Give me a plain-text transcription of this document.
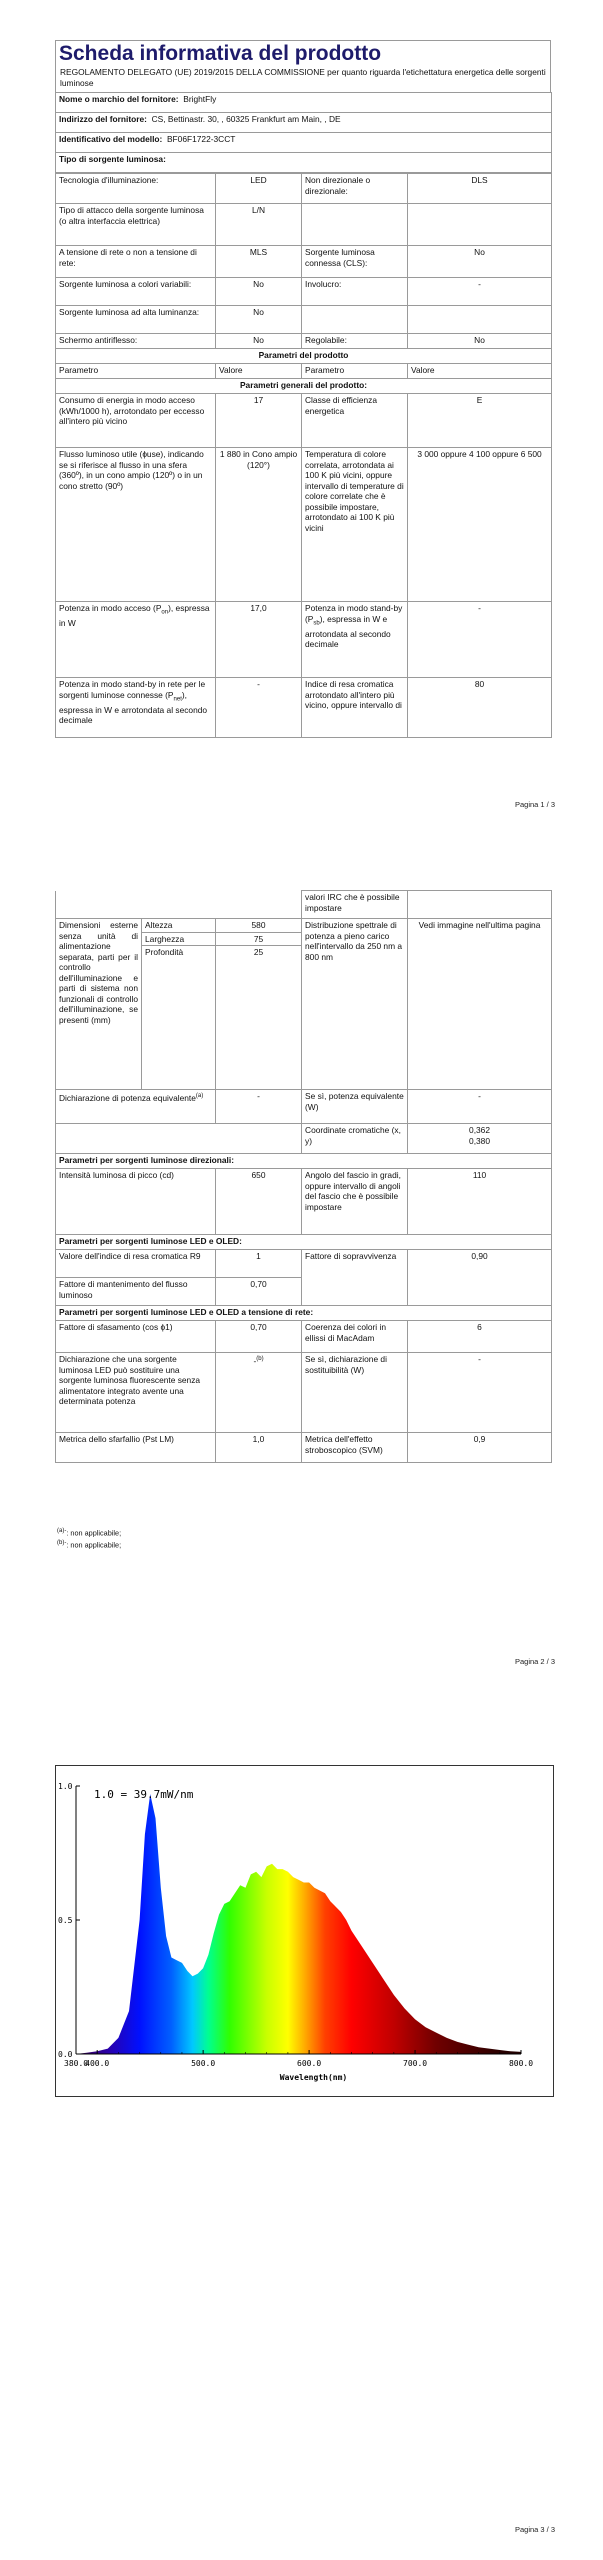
Scheda informativa del prodotto
REGOLAMENTO DELEGATO (UE) 2019/2015 DELLA COMMISSIONE per quanto riguarda l'etichettatura energetica delle sorgenti luminose
Nome o marchio del fornitore: BrightFly
Indirizzo del fornitore: CS, Bettinastr. 30, , 60325 Frankfurt am Main, , DE
Identificativo del modello: BF06F1722-3CCT
Tipo di sorgente luminosa:
Tecnologia d'illuminazione:	LED	Non direzionale o direzionale:	DLS
Tipo di attacco della sorgente luminosa
(o altra interfaccia elettrica)	L/N		
A tensione di rete o non a tensione di rete:	MLS	Sorgente luminosa connessa (CLS):	No
Sorgente luminosa a colori variabili:	No	Involucro:	-
Sorgente luminosa ad alta luminanza:	No		
Schermo antiriflesso:	No	Regolabile:	No
Parametri del prodotto			
Parametro	Valore	Parametro	Valore
Parametri generali del prodotto:			
Consumo di energia in modo acceso (kWh/1000 h), arrotondato per eccesso all'intero più vicino	17	Classe di efficienza energetica	E
Flusso luminoso utile (ɸuse), indicando se si riferisce al flusso in una sfera (360º), in un cono ampio (120º) o in un cono stretto (90º)	1 880 in Cono ampio (120°)	Temperatura di colore correlata, arrotondata ai 100 K più vicini, oppure intervallo di temperature di colore correlate che è possibile impostare, arrotondato ai 100 K più vicini	3 000 oppure 4 100 oppure 6 500
Potenza in modo acceso $(P_{on})$, espressa in W	17,0	Potenza in modo stand-by $(P_{sb})$, espressa in W e arrotondata al secondo decimale	-
Potenza in modo stand-by in rete per le sorgenti luminose connesse $(P_{net})$, espressa in W e arrotondata al secondo decimale	-	Indice di resa cromatica arrotondato all'intero più vicino, oppure intervallo di	80
Pagina 1 / 3
			valori IRC che è possibile impostare	
Dimensioni esterne senza unità di alimentazione separata, parti per il controllo dell'illuminazione e parti di sistema non funzionali di controllo dell'illuminazione, se presenti (mm)	Altezza	580	Distribuzione spettrale di potenza a pieno carico nell'intervallo da 250 nm a 800 nm	Vedi immagine nell'ultima pagina
	Larghezza	75		
	Profondità	25		
Dichiarazione di potenza equivalente$^{(a)}$		-	Se sì, potenza equivalente (W)	-
			Coordinate cromatiche (x, y)	0,362
0,380
Parametri per sorgenti luminose direzionali:				
Intensità luminosa di picco (cd)		650	Angolo del fascio in gradi, oppure intervallo di angoli del fascio che è possibile impostare	110
Parametri per sorgenti luminose LED e OLED:				
Valore dell'indice di resa cromatica R9		1	Fattore di sopravvivenza	0,90
Fattore di mantenimento del flusso luminoso		0,70		
Parametri per sorgenti luminose LED e OLED a tensione di rete:				
Fattore di sfasamento (cos ɸ1)		0,70	Coerenza dei colori in ellissi di MacAdam	6
Dichiarazione che una sorgente luminosa LED può sostituire una sorgente luminosa fluorescente senza alimentatore integrato avente una determinata potenza		-$^{(b)}$	Se sì, dichiarazione di sostituibilità (W)	-
Metrica dello sfarfallio (Pst LM)		1,0	Metrica dell'effetto stroboscopico (SVM)	0,9
$^{(a)-}$: non applicabile;
$^{(b)-}$: non applicabile;
Pagina 2 / 3
Pagina 3 / 3
0.0
0.5
1.0
380.0
400.0	500.0	600.0	700.0	800.0
Wavelength(nm)
1.0 = 39.7mW/nm
